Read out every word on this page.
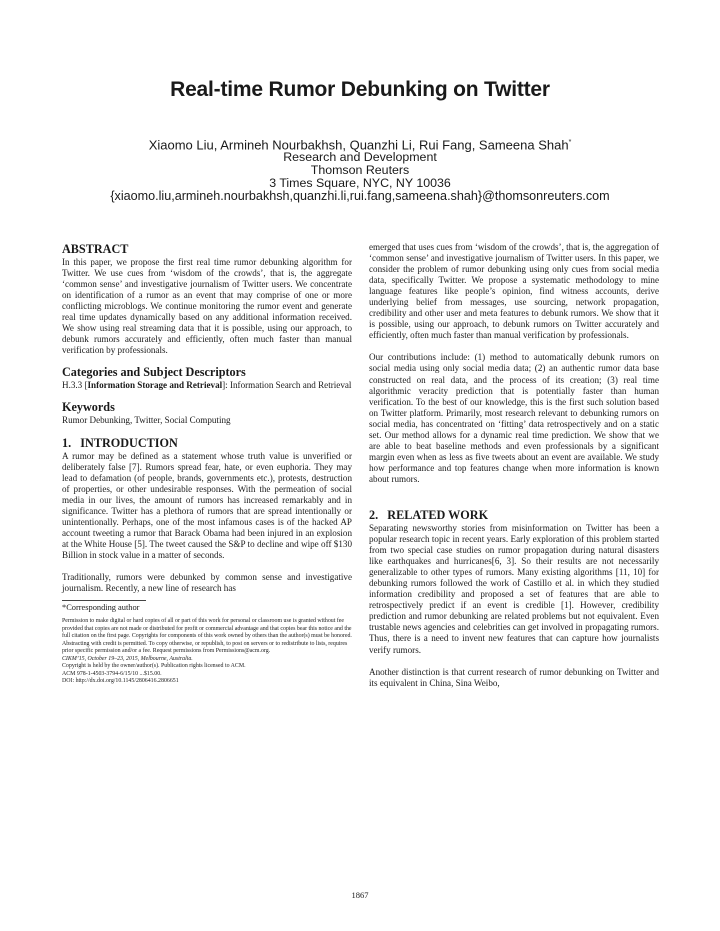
Real-time Rumor Debunking on Twitter
Xiaomo Liu, Armineh Nourbakhsh, Quanzhi Li, Rui Fang, Sameena Shah*
Research and Development
Thomson Reuters
3 Times Square, NYC, NY 10036
{xiaomo.liu,armineh.nourbakhsh,quanzhi.li,rui.fang,sameena.shah}@thomsonreuters.com
ABSTRACT

In this paper, we propose the first real time rumor debunking algorithm for Twitter. We use cues from ‘wisdom of the crowds’, that is, the aggregate ‘common sense’ and investigative journalism of Twitter users. We concentrate on identification of a rumor as an event that may comprise of one or more conflicting microblogs. We continue monitoring the rumor event and generate real time updates dynamically based on any additional information received. We show using real streaming data that it is possible, using our approach, to debunk rumors accurately and efficiently, often much faster than manual verification by professionals.

Categories and Subject Descriptors

H.3.3 [Information Storage and Retrieval]: Information Search and Retrieval

Keywords

Rumor Debunking, Twitter, Social Computing

1.   INTRODUCTION

A rumor may be defined as a statement whose truth value is unverified or deliberately false [7]. Rumors spread fear, hate, or even euphoria. They may lead to defamation (of people, brands, governments etc.), protests, destruction of properties, or other undesirable responses. With the permeation of social media in our lives, the amount of rumors has increased remarkably and in significance. Twitter has a plethora of rumors that are spread intentionally or unintentionally. Perhaps, one of the most infamous cases is of the hacked AP account tweeting a rumor that Barack Obama had been injured in an explosion at the White House [5]. The tweet caused the S&P to decline and wipe off $130 Billion in stock value in a matter of seconds.

Traditionally, rumors were debunked by common sense and investigative journalism. Recently, a new line of research has

*Corresponding author
Permission to make digital or hard copies of all or part of this work for personal or classroom use is granted without fee provided that copies are not made or distributed for profit or commercial advantage and that copies bear this notice and the full citation on the first page. Copyrights for components of this work owned by others than the author(s) must be honored. Abstracting with credit is permitted. To copy otherwise, or republish, to post on servers or to redistribute to lists, requires prior specific permission and/or a fee. Request permissions from Permissions@acm.org.
CIKM’15, October 19–23, 2015, Melbourne, Australia.
Copyright is held by the owner/author(s). Publication rights licensed to ACM.
ACM 978-1-4503-3794-6/15/10 ...$15.00.
DOI: http://dx.doi.org/10.1145/2806416.2806651

emerged that uses cues from ‘wisdom of the crowds’, that is, the aggregation of ‘common sense’ and investigative journalism of Twitter users. In this paper, we consider the problem of rumor debunking using only cues from social media data, specifically Twitter. We propose a systematic methodology to mine language features like people’s opinion, find witness accounts, derive underlying belief from messages, use sourcing, network propagation, credibility and other user and meta features to debunk rumors. We show that it is possible, using our approach, to debunk rumors on Twitter accurately and efficiently, often much faster than manual verification by professionals.

Our contributions include: (1) method to automatically debunk rumors on social media using only social media data; (2) an authentic rumor data base constructed on real data, and the process of its creation; (3) real time algorithmic veracity prediction that is potentially faster than human verification. To the best of our knowledge, this is the first such solution based on Twitter platform. Primarily, most research relevant to debunking rumors on social media, has concentrated on ‘fitting’ data retrospectively and on a static set. Our method allows for a dynamic real time prediction. We show that we are able to beat baseline methods and even professionals by a significant margin even when as less as five tweets about an event are available. We study how performance and top features change when more information is known about rumors.

2.   RELATED WORK

Separating newsworthy stories from misinformation on Twitter has been a popular research topic in recent years. Early exploration of this problem started from two special case studies on rumor propagation during natural disasters like earthquakes and hurricanes[6, 3]. So their results are not necessarily generalizable to other types of rumors. Many existing algorithms [11, 10] for debunking rumors followed the work of Castillo et al. in which they studied information credibility and proposed a set of features that are able to retrospectively predict if an event is credible [1]. However, credibility prediction and rumor debunking are related problems but not equivalent. Even trustable news agencies and celebrities can get involved in propagating rumors. Thus, there is a need to invent new features that can capture how journalists verify rumors.

Another distinction is that current research of rumor debunking on Twitter and its equivalent in China, Sina Weibo,

1867
